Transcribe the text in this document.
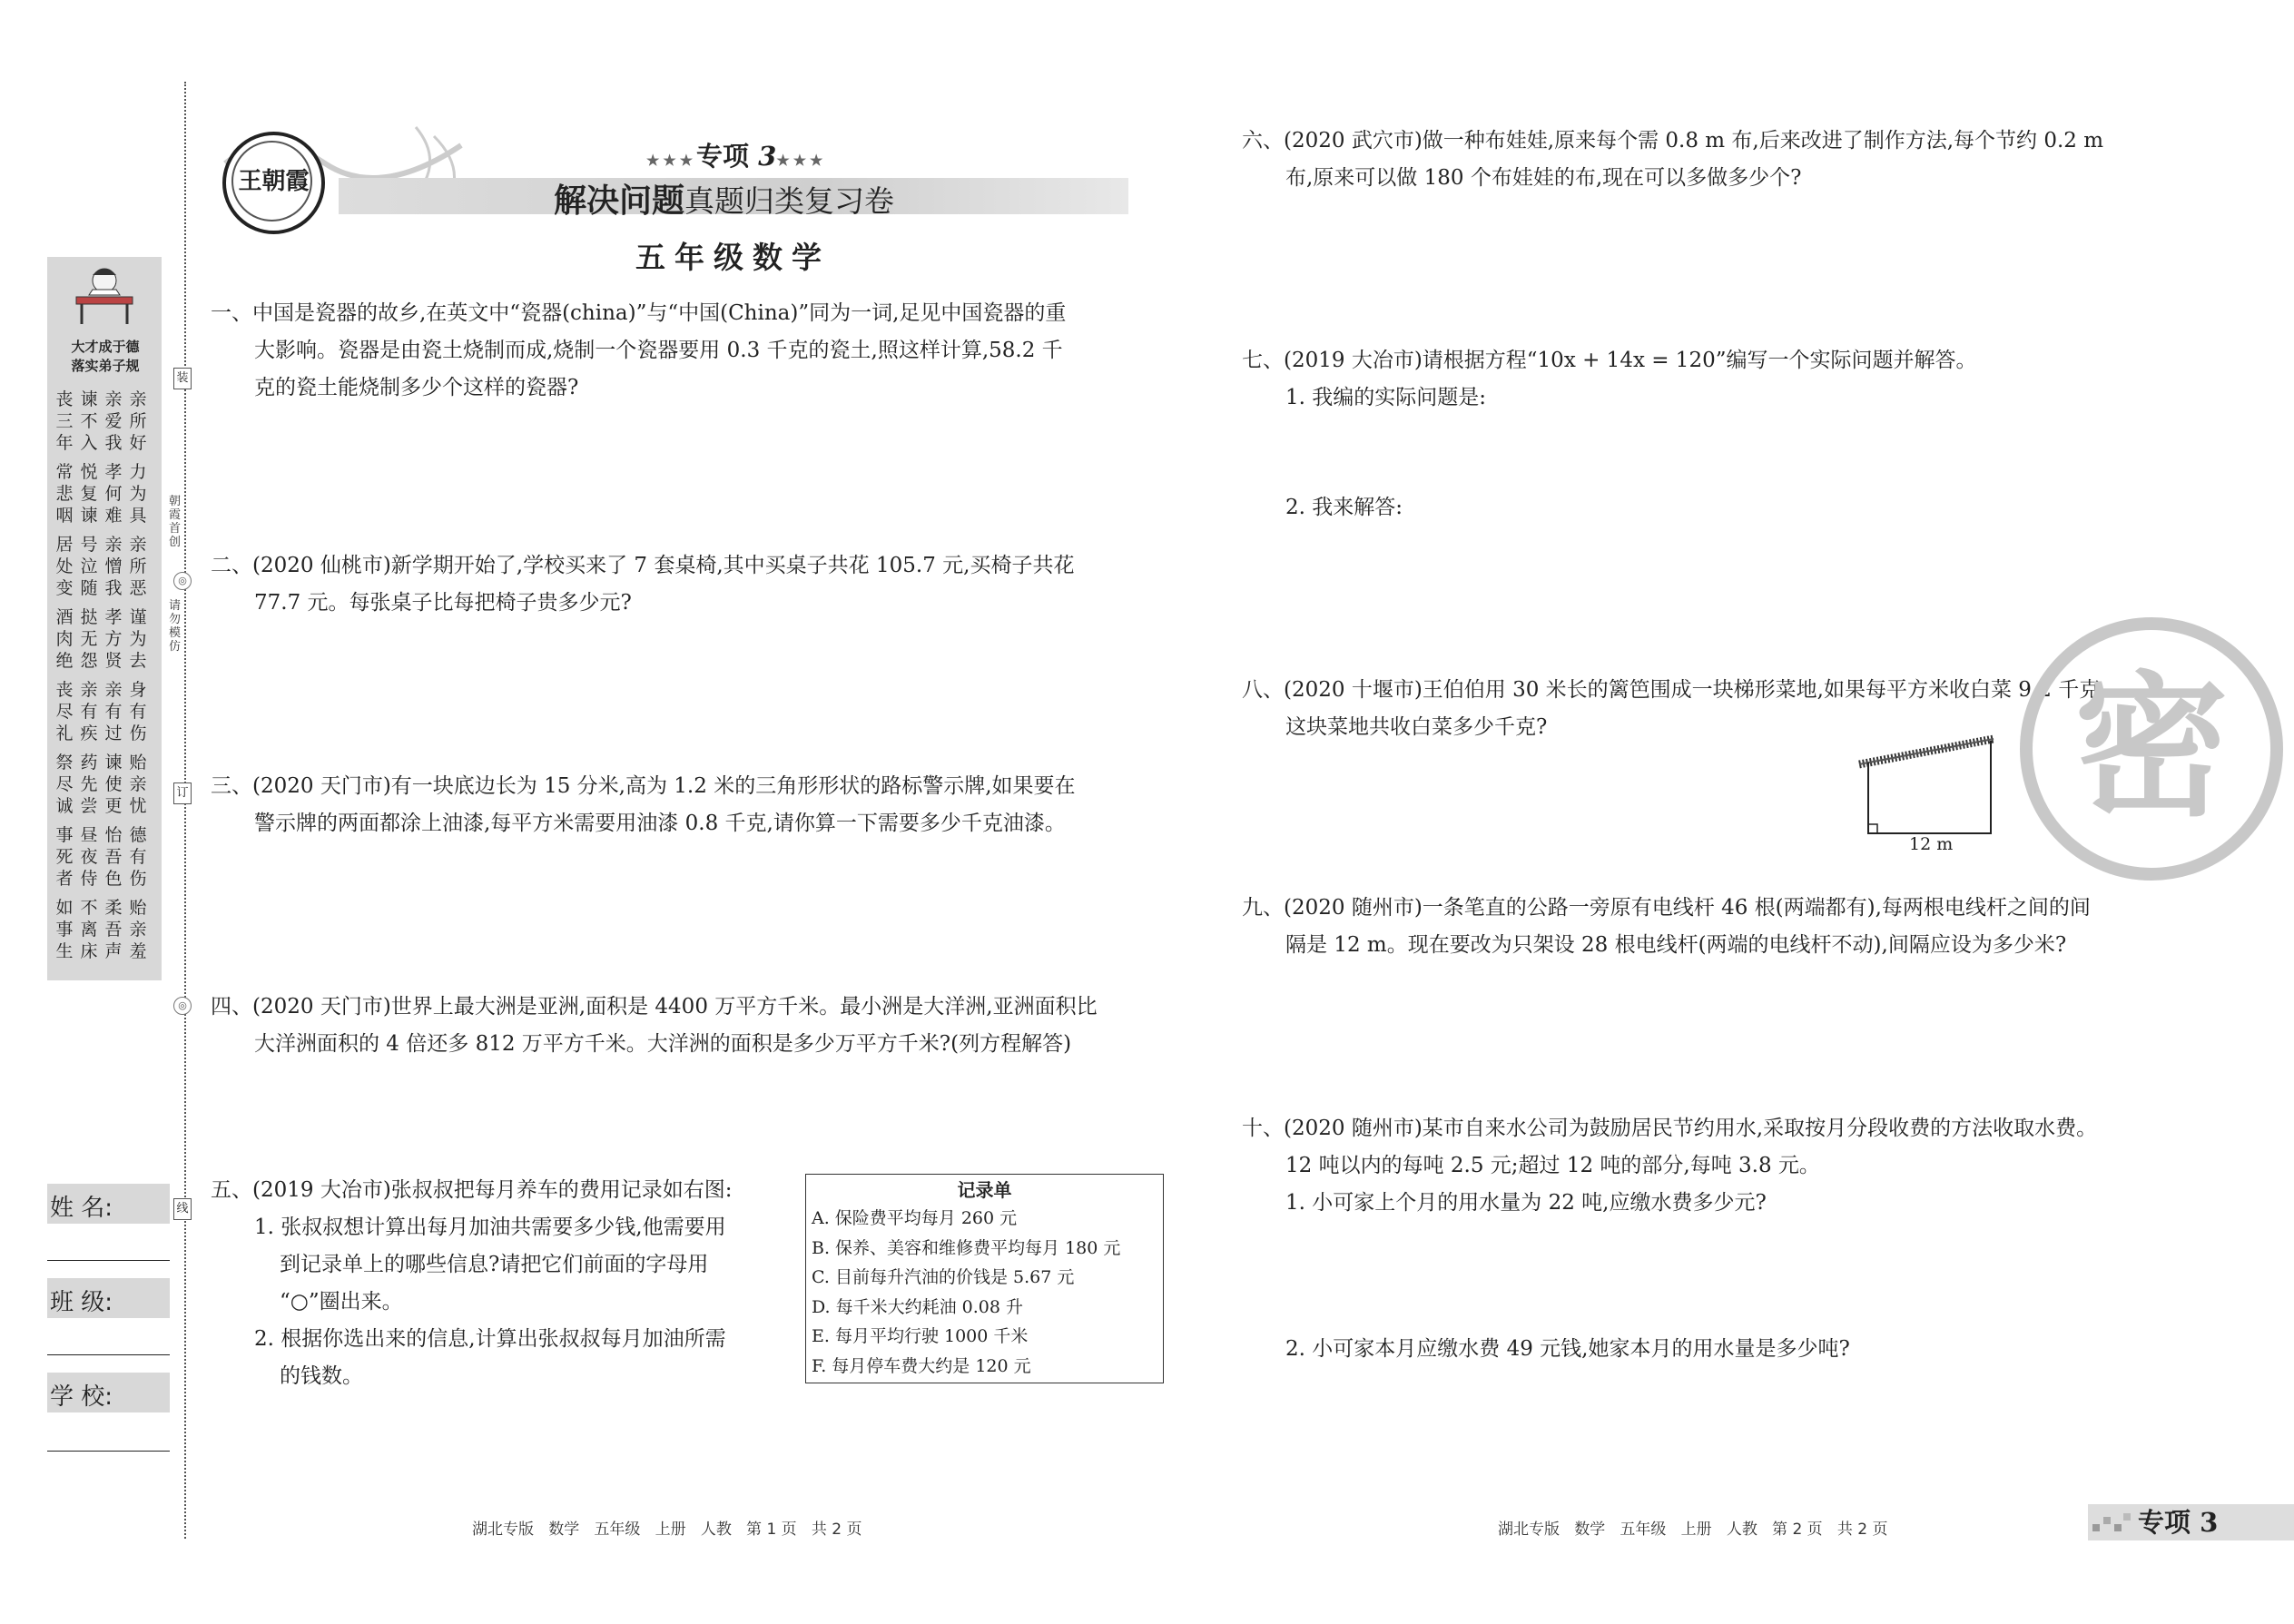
大才成于德
落实弟子规
亲所好
亲爱我
谏不入
丧三年
力为具
孝何难
悦复谏
常悲咽
亲所恶
亲憎我
号泣随
居处变
谨为去
孝方贤
挞无怨
酒肉绝
身有伤
亲有过
亲有疾
丧尽礼
贻亲忧
谏使更
药先尝
祭尽诚
德有伤
怡吾色
昼夜侍
事死者
贻亲羞
柔吾声
不离床
如事生
朝霞首创
请勿模仿
装
订
线
◎
◎
姓 名:
班 级:
学 校:
王朝霞
★★★专项 3★★★
解决问题真题归类复习卷
五年级数学
一、中国是瓷器的故乡,在英文中“瓷器(china)”与“中国(China)”同为一词,足见中国瓷器的重
大影响。瓷器是由瓷土烧制而成,烧制一个瓷器要用 0.3 千克的瓷土,照这样计算,58.2 千
克的瓷土能烧制多少个这样的瓷器?
二、(2020 仙桃市)新学期开始了,学校买来了 7 套桌椅,其中买桌子共花 105.7 元,买椅子共花
77.7 元。每张桌子比每把椅子贵多少元?
三、(2020 天门市)有一块底边长为 15 分米,高为 1.2 米的三角形形状的路标警示牌,如果要在
警示牌的两面都涂上油漆,每平方米需要用油漆 0.8 千克,请你算一下需要多少千克油漆。
四、(2020 天门市)世界上最大洲是亚洲,面积是 4400 万平方千米。最小洲是大洋洲,亚洲面积比
大洋洲面积的 4 倍还多 812 万平方千米。大洋洲的面积是多少万平方千米?(列方程解答)
五、(2019 大冶市)张叔叔把每月养车的费用记录如右图:
1. 张叔叔想计算出每月加油共需要多少钱,他需要用
到记录单上的哪些信息?请把它们前面的字母用
“○”圈出来。
2. 根据你选出来的信息,计算出张叔叔每月加油所需
的钱数。
记录单
A. 保险费平均每月 260 元
B. 保养、美容和维修费平均每月 180 元
C. 目前每升汽油的价钱是 5.67 元
D. 每千米大约耗油 0.08 升
E. 每月平均行驶 1000 千米
F. 每月停车费大约是 120 元
六、(2020 武穴市)做一种布娃娃,原来每个需 0.8 m 布,后来改进了制作方法,每个节约 0.2 m
布,原来可以做 180 个布娃娃的布,现在可以多做多少个?
七、(2019 大冶市)请根据方程“10x + 14x = 120”编写一个实际问题并解答。
1. 我编的实际问题是:
2. 我来解答:
八、(2020 十堰市)王伯伯用 30 米长的篱笆围成一块梯形菜地,如果每平方米收白菜 9.2 千克,
这块菜地共收白菜多少千克?
12 m
九、(2020 随州市)一条笔直的公路一旁原有电线杆 46 根(两端都有),每两根电线杆之间的间
隔是 12 m。现在要改为只架设 28 根电线杆(两端的电线杆不动),间隔应设为多少米?
十、(2020 随州市)某市自来水公司为鼓励居民节约用水,采取按月分段收费的方法收取水费。
12 吨以内的每吨 2.5 元;超过 12 吨的部分,每吨 3.8 元。
1. 小可家上个月的用水量为 22 吨,应缴水费多少元?
2. 小可家本月应缴水费 49 元钱,她家本月的用水量是多少吨?
密
湖北专版   数学   五年级   上册   人教   第 1 页   共 2 页	湖北专版   数学   五年级   上册   人教   第 2 页   共 2 页	专项 3
